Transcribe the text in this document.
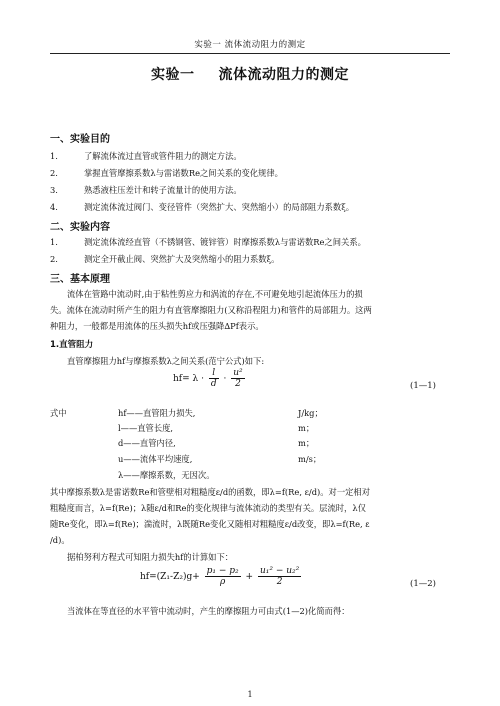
实验一 流体流动阻力的测定
实验一 流体流动阻力的测定
一、实验目的
1.	了解流体流过直管或管件阻力的测定方法。
2.	掌握直管摩擦系数λ与雷诺数Re之间关系的变化规律。
3.	熟悉液柱压差计和转子流量计的使用方法。
4.	测定流体流过阀门、变径管件（突然扩大、突然缩小）的局部阻力系数ξ。
二、实验内容
1.	测定流体流经直管（不锈钢管、镀锌管）时摩擦系数λ与雷诺数Re之间关系。
2.	测定全开截止阀、突然扩大及突然缩小的阻力系数ξ。
三、基本原理
流体在管路中流动时,由于粘性剪应力和涡流的存在,不可避免地引起流体压力的损
失。流体在流动时所产生的阻力有直管摩擦阻力(又称沿程阻力)和管件的局部阻力。这两
种阻力，一般都是用流体的压头损失hf或压强降∆Pf表示。
1.直管阻力
直管摩擦阻力hf与摩擦系数λ之间关系(范宁公式)如下:
$hf= \lambda \cdot \frac{l}{d} \cdot \frac{\text{u²}}{2}$	(1—1)
式中	hf——直管阻力损失,	J/kg；
l——直管长度,	m；
d——直管内径,	m；
u——流体平均速度,	m/s；
λ——摩擦系数，无因次。
其中摩擦系数λ是雷诺数Re和管壁相对粗糙度ε/d的函数，即λ=f(Re, ε/d)。对一定相对
粗糙度而言，λ=f(Re)；λ随ε/d和Re的变化规律与流体流动的类型有关。层流时，λ仅
随Re变化，即λ=f(Re)；湍流时，λ既随Re变化又随相对粗糙度ε/d改变，即λ=f(Re, ε
/d)。
据柏努利方程式可知阻力损失hf的计算如下：
$hf=(Z_1-Z_2)g+ \frac{\text{p₁ − p₂}}{\rho} + \frac{\text{u₁² − u₂²}}{2}$	(1—2)
当流体在等直径的水平管中流动时，产生的摩擦阻力可由式(1—2)化简而得：
1
